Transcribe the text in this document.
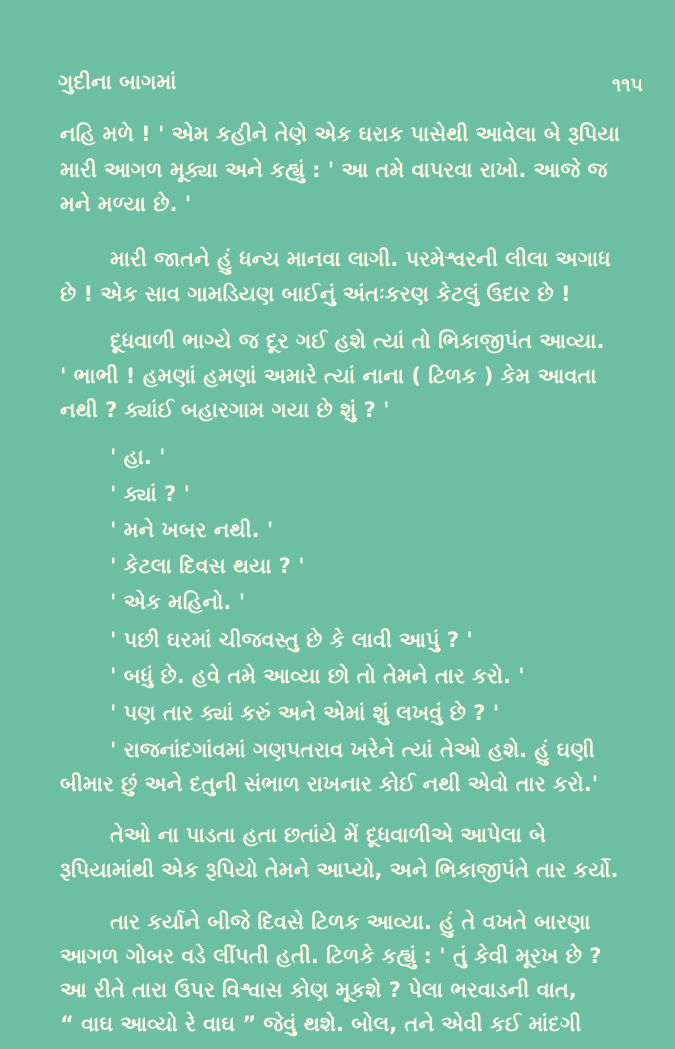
ગુદીના બાગમાં	૧૧૫
નહિ મળે ! ' એમ કહીને તેણે એક ઘરાક પાસેથી આવેલા બે રૂપિયા
મારી આગળ મૂક્યા અને કહ્યું : ' આ તમે વાપરવા રાખો. આજે જ
મને મળ્યા છે. '
મારી જાતને હું ધન્ય માનવા લાગી. પરમેશ્વરની લીલા અગાધ
છે ! એક સાવ ગામડિયણ બાઈનું અંતઃકરણ કેટલું ઉદાર છે !
દૂધવાળી ભાગ્યે જ દૂર ગઈ હશે ત્યાં તો ભિકાજીપંત આવ્યા.
' ભાભી ! હમણાં હમણાં અમારે ત્યાં નાના ( ટિળક ) કેમ આવતા
નથી ? ક્યાંઈ બહારગામ ગયા છે શું ? '
' હા. '
' ક્યાં ? '
' મને ખબર નથી. '
' કેટલા દિવસ થયા ? '
' એક મહિનો. '
' પછી ઘરમાં ચીજવસ્તુ છે કે લાવી આપું ? '
' બધું છે. હવે તમે આવ્યા છો તો તેમને તાર કરો. '
' પણ તાર ક્યાં કરું અને એમાં શું લખવું છે ? '
' રાજનાંદગાંવમાં ગણપતરાવ ખરેને ત્યાં તેઓ હશે. હું ઘણી
બીમાર છું અને દતુની સંભાળ રાખનાર કોઈ નથી એવો તાર કરો.'
તેઓ ના પાડતા હતા છતાંયે મેં દૂધવાળીએ આપેલા બે
રૂપિયામાંથી એક રૂપિયો તેમને આપ્યો, અને ભિકાજીપંતે તાર કર્યો.
તાર કર્યાને બીજે દિવસે ટિળક આવ્યા. હું તે વખતે બારણા
આગળ ગોબર વડે લીંપતી હતી. ટિળકે કહ્યું : ' તું કેવી મૂરખ છે ?
આ રીતે તારા ઉપર વિશ્વાસ કોણ મૂકશે ? પેલા ભરવાડની વાત,
“ વાઘ આવ્યો રે વાઘ ” જેવું થશે. બોલ, તને એવી કઈ માંદગી
